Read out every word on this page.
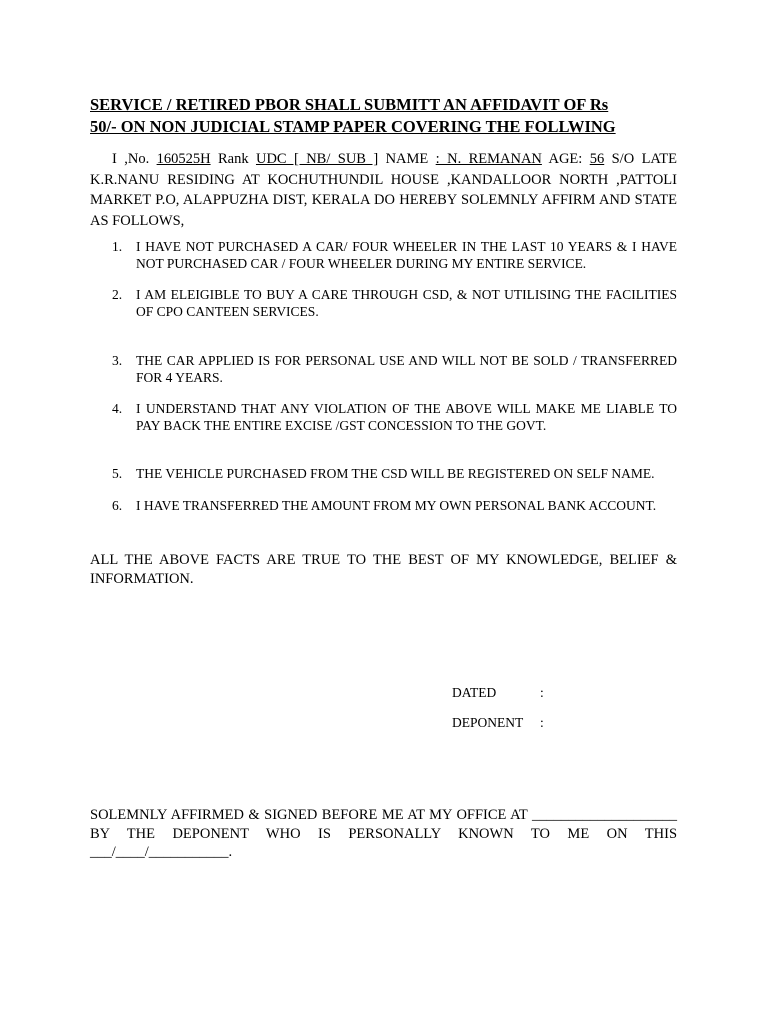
SERVICE / RETIRED PBOR SHALL SUBMITT AN AFFIDAVIT OF Rs
50/- ON NON JUDICIAL STAMP PAPER COVERING THE FOLLWING

I ,No. 160525H Rank UDC [ NB/ SUB ] NAME : N. REMANAN AGE: 56 S/O LATE K.R.NANU RESIDING AT KOCHUTHUNDIL HOUSE ,KANDALLOOR NORTH ,PATTOLI MARKET P.O, ALAPPUZHA DIST, KERALA DO HEREBY SOLEMNLY AFFIRM AND STATE AS FOLLOWS,
1. I HAVE NOT PURCHASED A CAR/ FOUR WHEELER IN THE LAST 10 YEARS & I HAVE NOT PURCHASED CAR / FOUR WHEELER DURING MY ENTIRE SERVICE.
2. I AM ELEIGIBLE TO BUY A CARE THROUGH CSD, & NOT UTILISING THE FACILITIES OF CPO CANTEEN SERVICES.
3. THE CAR APPLIED IS FOR PERSONAL USE AND WILL NOT BE SOLD / TRANSFERRED FOR 4 YEARS.
4. I UNDERSTAND THAT ANY VIOLATION OF THE ABOVE WILL MAKE ME LIABLE TO PAY BACK THE ENTIRE EXCISE /GST CONCESSION TO THE GOVT.
5. THE VEHICLE PURCHASED FROM THE CSD WILL BE REGISTERED ON SELF NAME.
6. I HAVE TRANSFERRED THE AMOUNT FROM MY OWN PERSONAL BANK ACCOUNT.
ALL THE ABOVE FACTS ARE TRUE TO THE BEST OF MY KNOWLEDGE, BELIEF & INFORMATION.
DATED	:
DEPONENT :
SOLEMNLY AFFIRMED & SIGNED BEFORE ME AT MY OFFICE AT ____________________ BY THE DEPONENT WHO IS PERSONALLY KNOWN TO ME ON THIS ___/____/___________.
